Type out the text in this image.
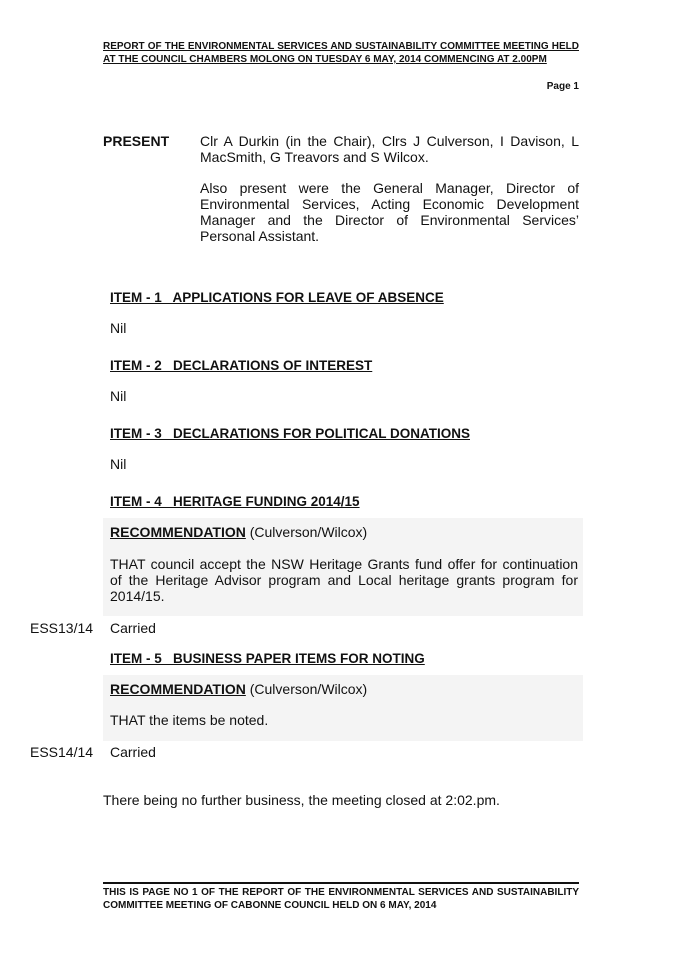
REPORT OF THE ENVIRONMENTAL SERVICES AND SUSTAINABILITY COMMITTEE MEETING HELD AT THE COUNCIL CHAMBERS MOLONG ON TUESDAY 6 MAY, 2014 COMMENCING AT 2.00PM
Page 1
PRESENT Clr A Durkin (in the Chair), Clrs J Culverson, I Davison, L MacSmith, G Treavors and S Wilcox.
Also present were the General Manager, Director of Environmental Services, Acting Economic Development Manager and the Director of Environmental Services’ Personal Assistant.
ITEM - 1   APPLICATIONS FOR LEAVE OF ABSENCE
Nil
ITEM - 2   DECLARATIONS OF INTEREST
Nil
ITEM - 3   DECLARATIONS FOR POLITICAL DONATIONS
Nil
ITEM - 4   HERITAGE FUNDING 2014/15
RECOMMENDATION (Culverson/Wilcox)
THAT council accept the NSW Heritage Grants fund offer for continuation of the Heritage Advisor program and Local heritage grants program for 2014/15.
ESS13/14 Carried
ITEM - 5   BUSINESS PAPER ITEMS FOR NOTING
RECOMMENDATION (Culverson/Wilcox)
THAT the items be noted.
ESS14/14 Carried
There being no further business, the meeting closed at 2:02.pm.
THIS IS PAGE NO 1 OF THE REPORT OF THE ENVIRONMENTAL SERVICES AND SUSTAINABILITY COMMITTEE MEETING OF CABONNE COUNCIL HELD ON 6 MAY, 2014
